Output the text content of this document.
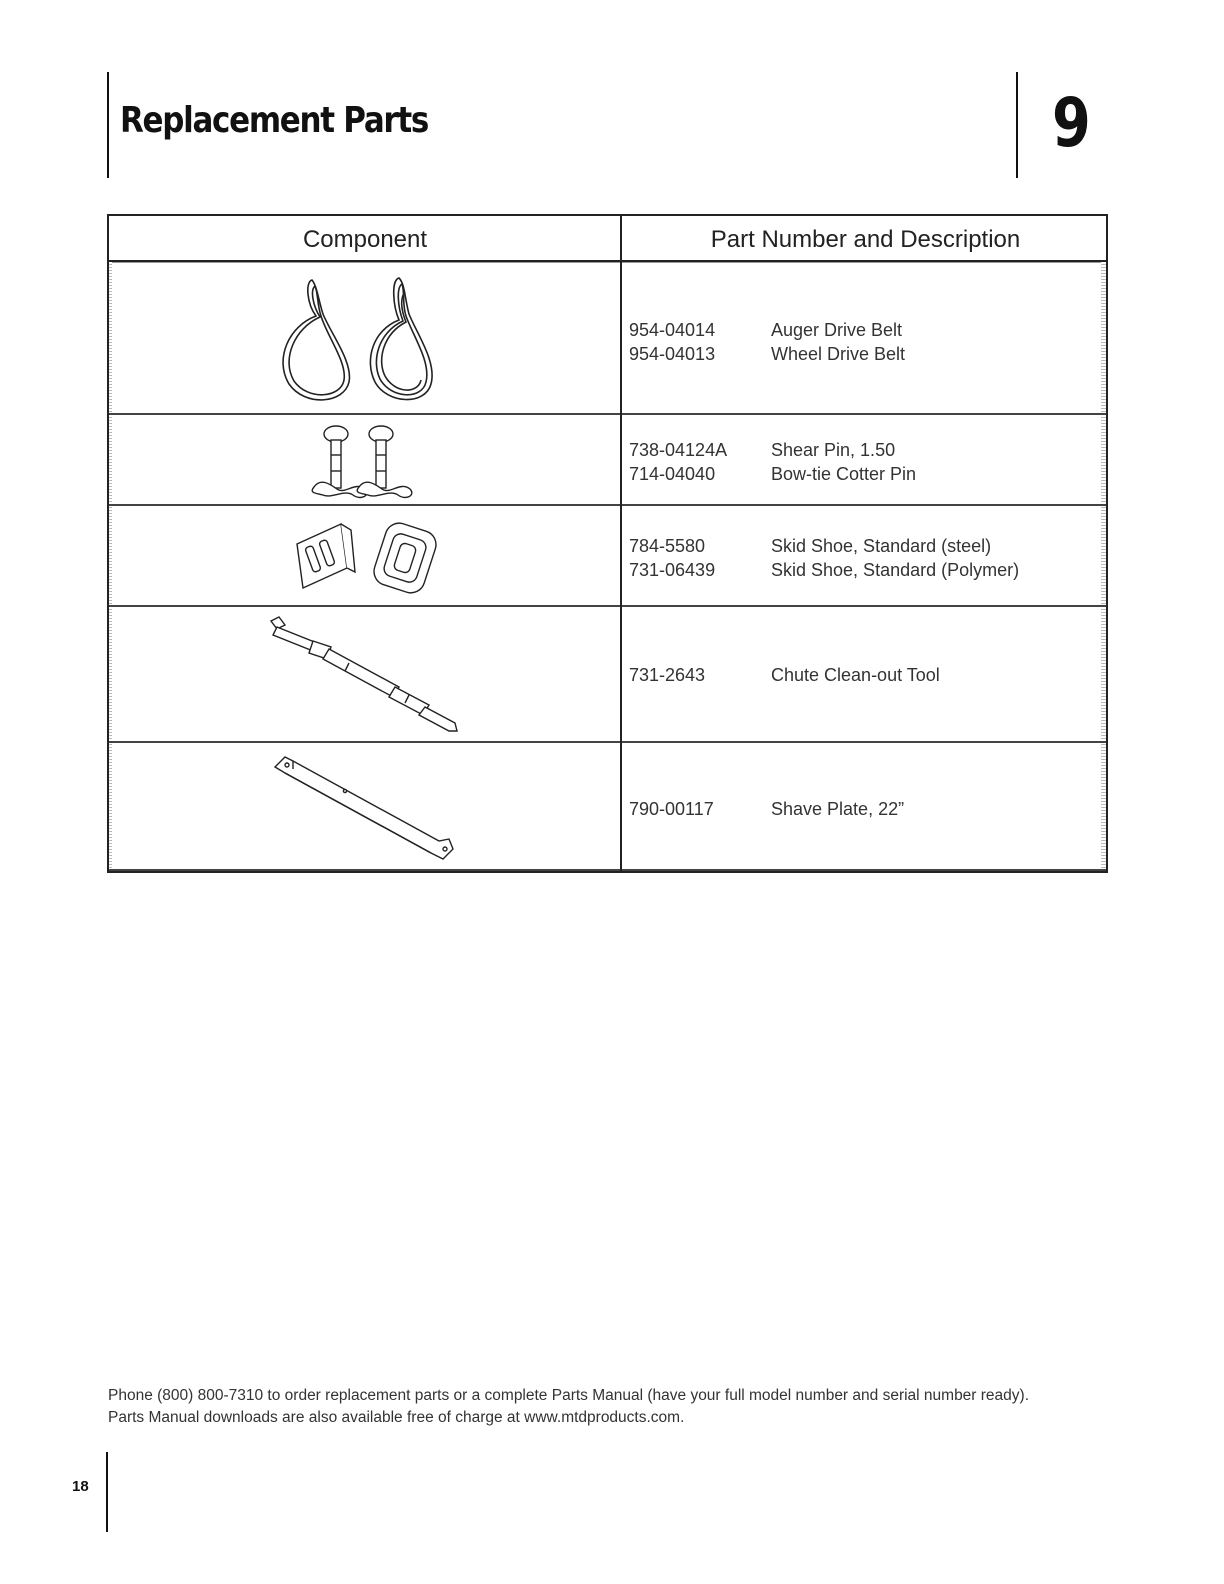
Replacement Parts	9
Component	Part Number and Description
954-04014	Auger Drive Belt
954-04013	Wheel Drive Belt
738-04124A Shear Pin, 1.50
714-04040	Bow-tie Cotter Pin
784-5580	Skid Shoe, Standard (steel)
731-06439	Skid Shoe, Standard (Polymer)
731-2643	Chute Clean-out Tool
790-00117	Shave Plate, 22”
Phone (800) 800-7310 to order replacement parts or a complete Parts Manual (have your full model number and serial number ready).
Parts Manual downloads are also available free of charge at www.mtdproducts.com.
18
